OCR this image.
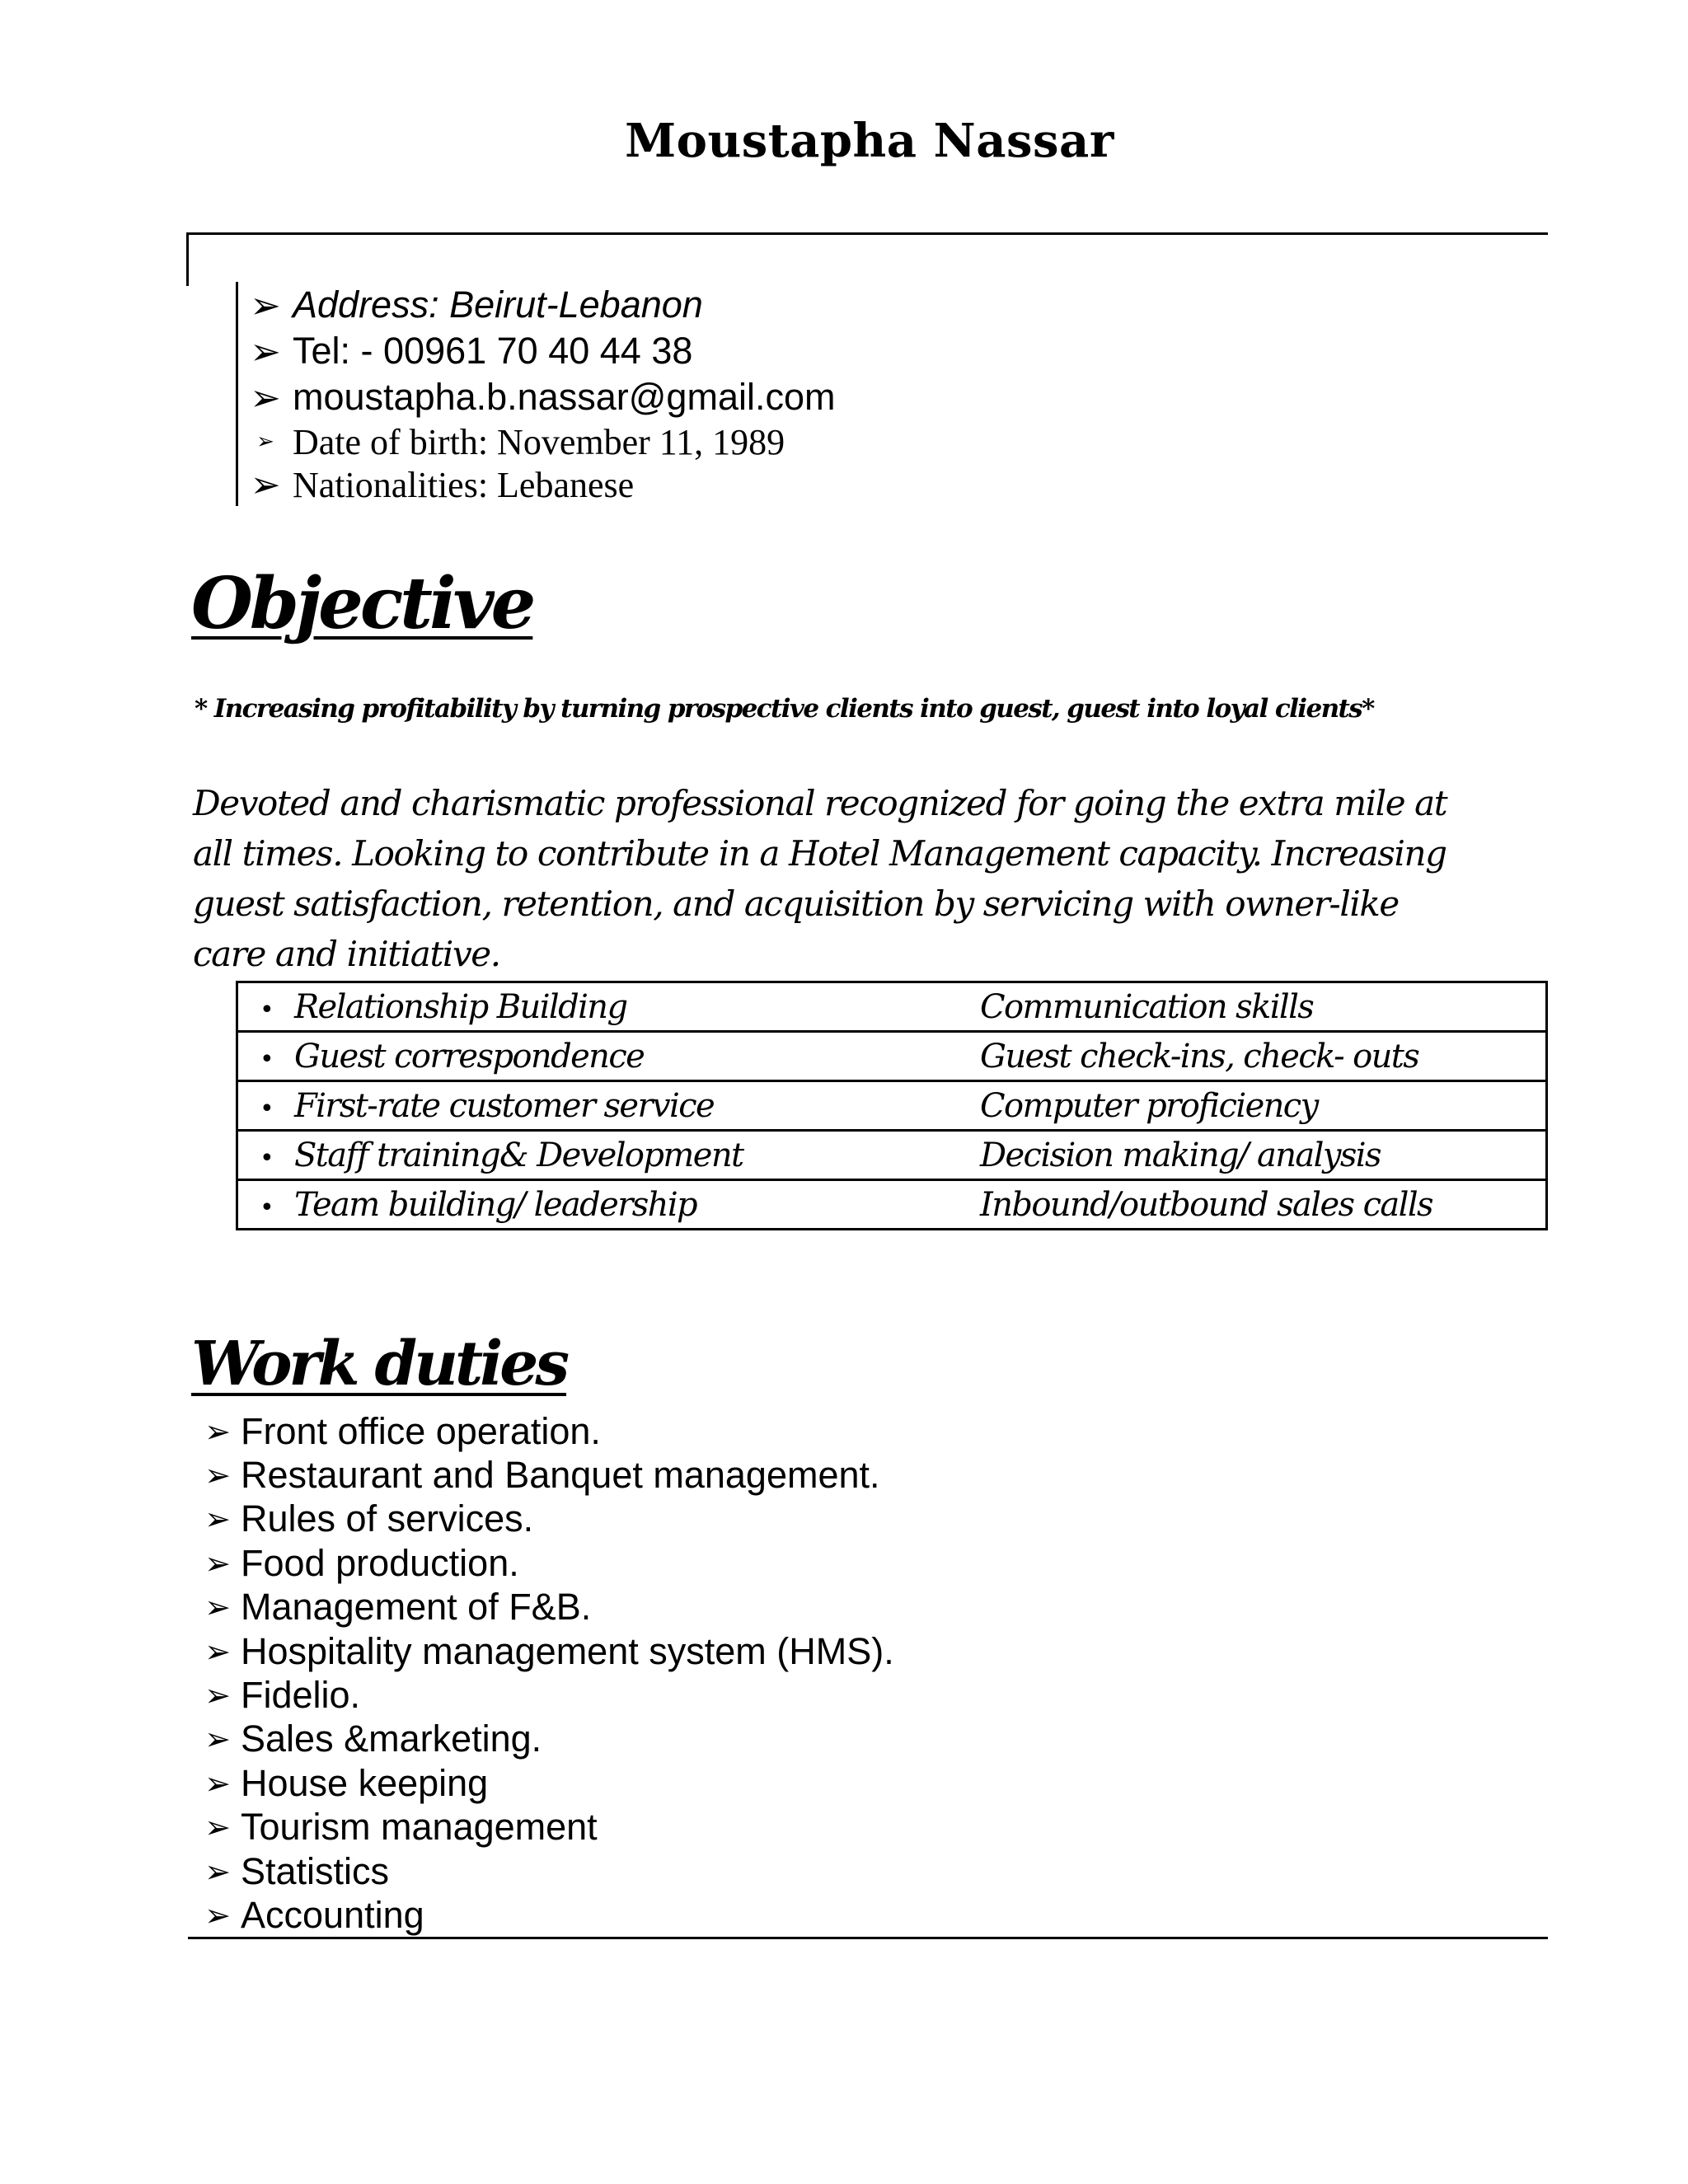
Moustapha Nassar
➢ Address: Beirut-Lebanon
➢ Tel: - 00961 70 40 44 38
➢ moustapha.b.nassar@gmail.com
➢ Date of birth: November 11, 1989
➢ Nationalities: Lebanese
Objective
* Increasing profitability by turning prospective clients into guest, guest into loyal clients*
Devoted and charismatic professional recognized for going the extra mile at all times. Looking to contribute in a Hotel Management capacity. Increasing guest satisfaction, retention, and acquisition by servicing with owner-like care and initiative.
• Relationship Building	Communication skills
• Guest correspondence	Guest check-ins, check- outs
• First-rate customer service	Computer proficiency
• Staff training& Development	Decision making/ analysis
• Team building/ leadership	Inbound/outbound sales calls
Work duties
➢ Front office operation.
➢ Restaurant and Banquet management.
➢ Rules of services.
➢ Food production.
➢ Management of F&B.
➢ Hospitality management system (HMS).
➢ Fidelio.
➢ Sales &marketing.
➢ House keeping
➢ Tourism management
➢ Statistics
➢ Accounting
